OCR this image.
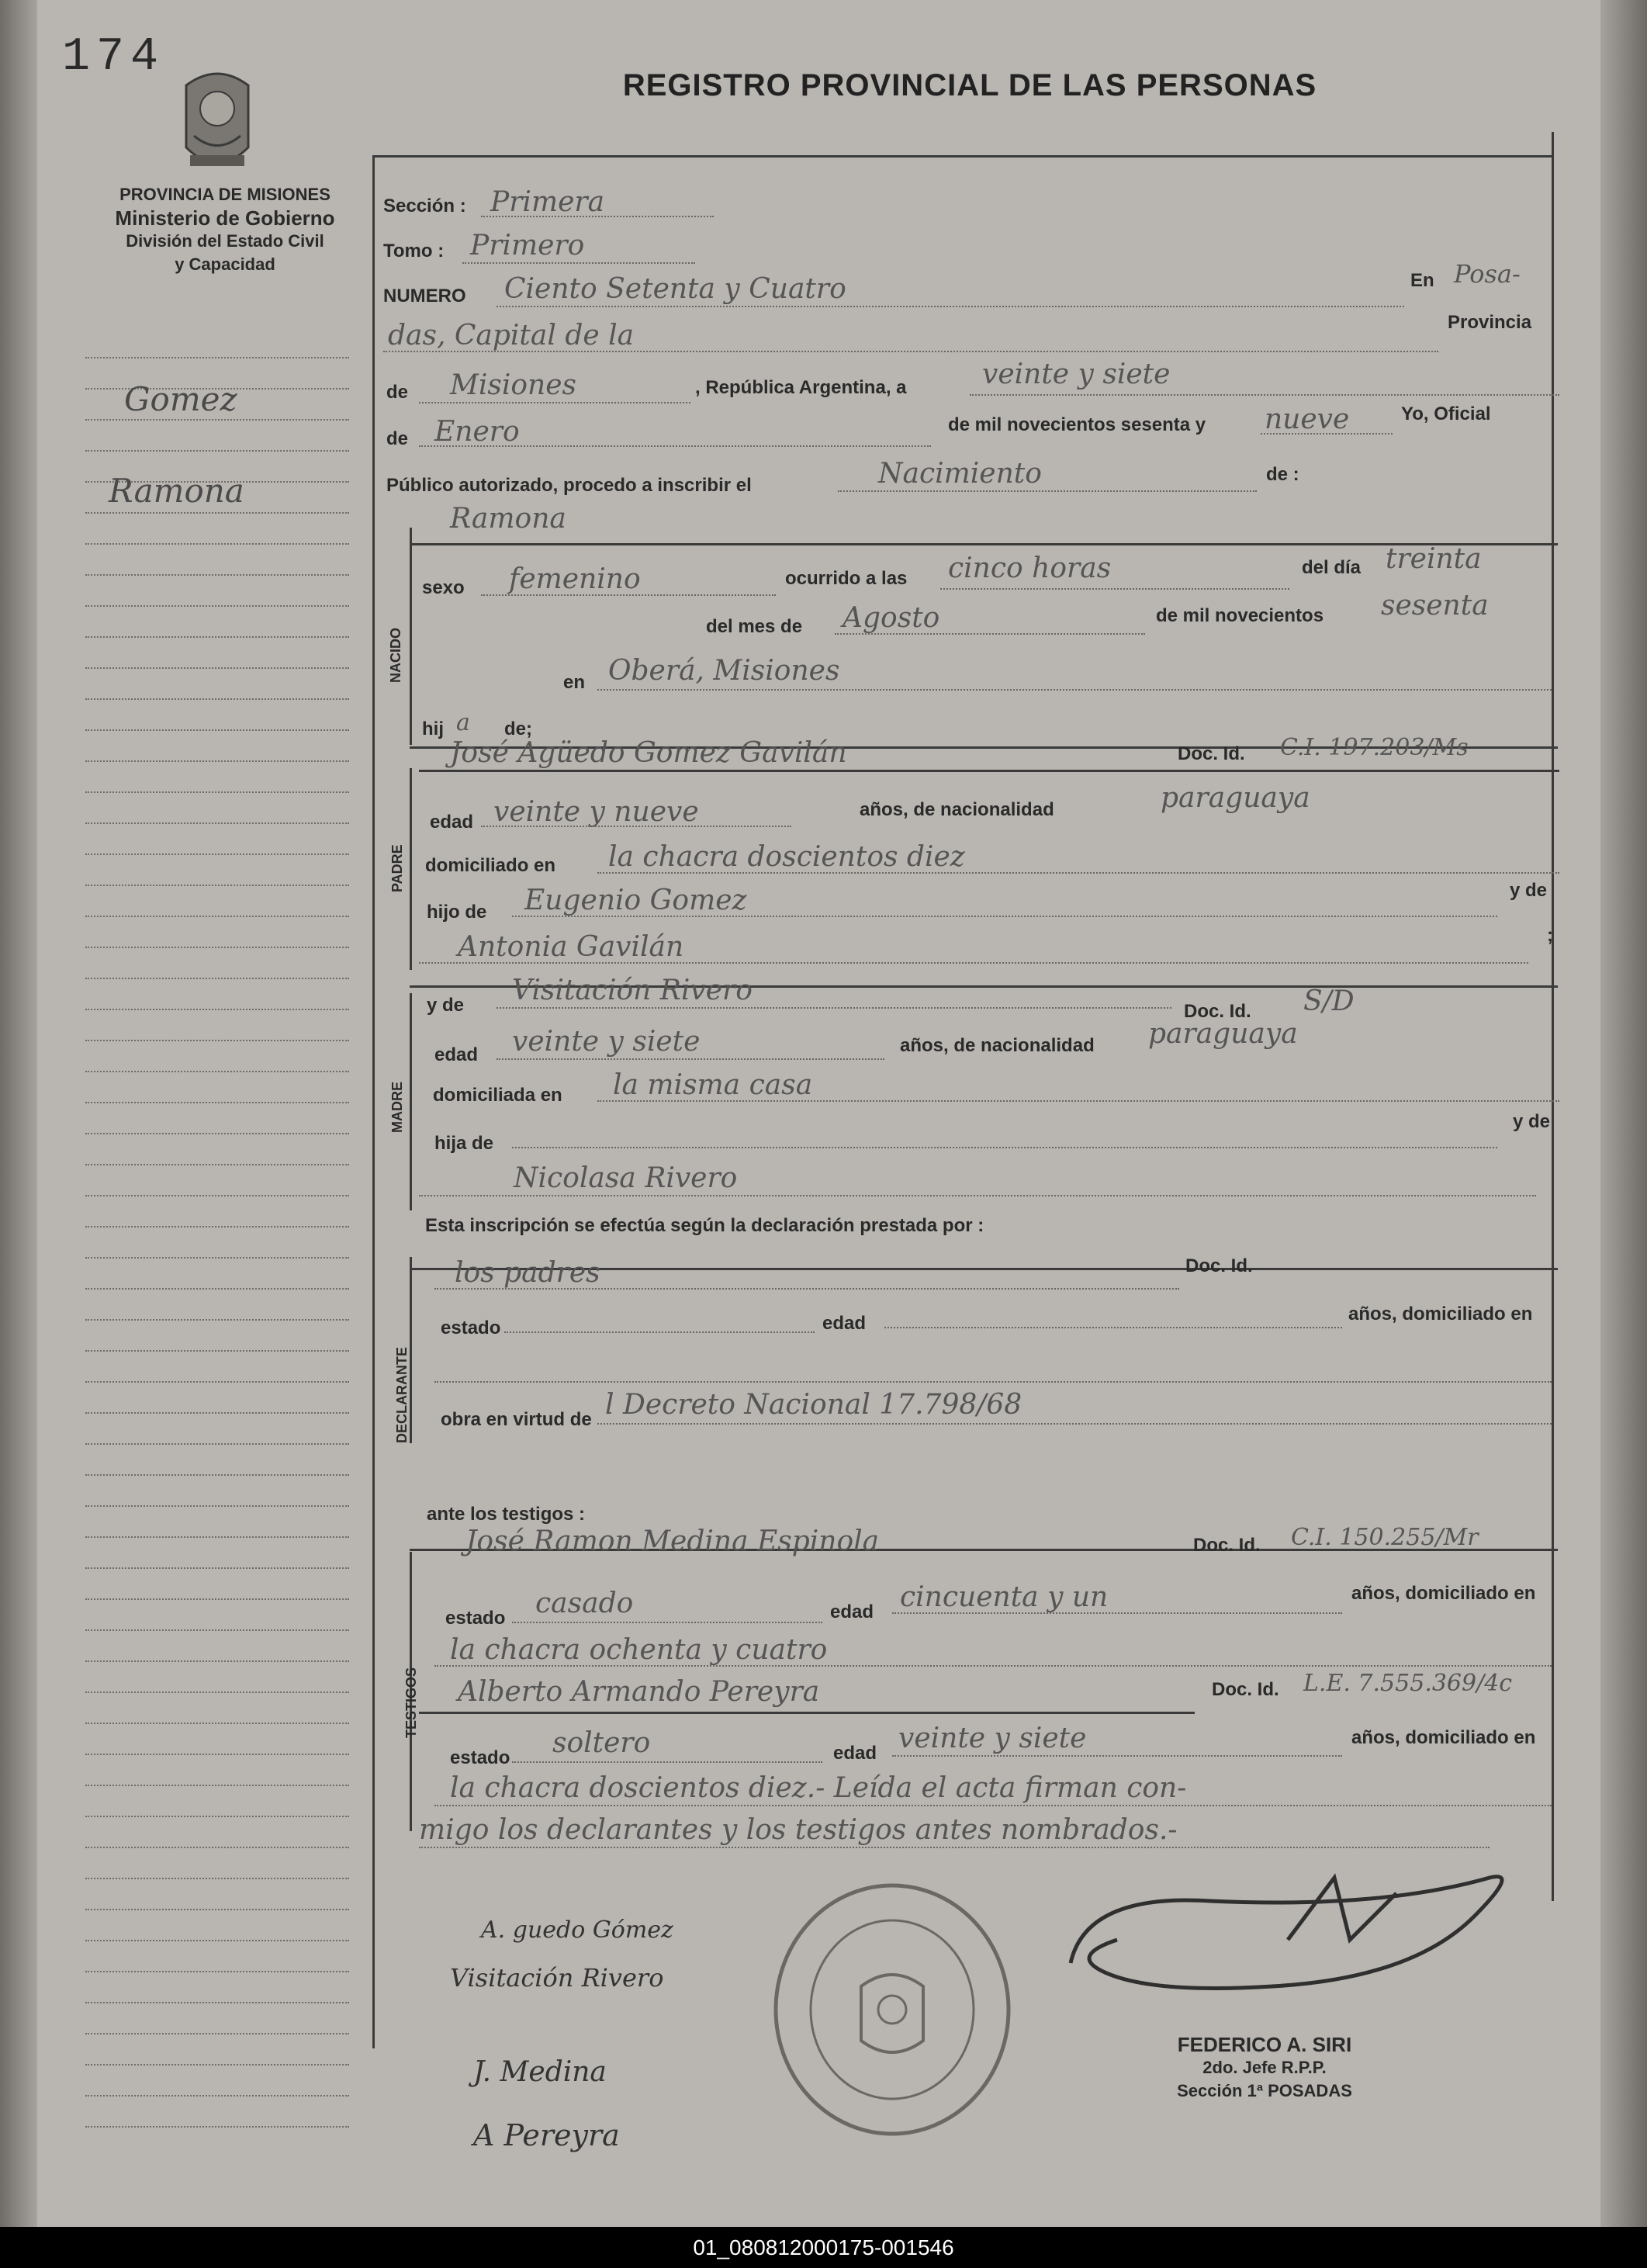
174
PROVINCIA DE MISIONES
Ministerio de Gobierno
División del Estado Civil
y Capacidad
REGISTRO PROVINCIAL DE LAS PERSONAS
Gomez
Ramona
Sección : Primera
Tomo : Primero
NUMERO Ciento Setenta y Cuatro	En Posa-
das, Capital de la	Provincia
de Misiones	, República Argentina, a	veinte y siete
de Enero	de mil novecientos sesenta y nueve	Yo, Oficial
Público autorizado, procedo a inscribir el	Nacimiento	de :
NACIDO
Ramona
sexo femenino	ocurrido a las cinco horas	del día treinta
del mes de Agosto	de mil novecientos sesenta
en Oberá, Misiones
hij a de;
PADRE
José Agüedo Gomez Gavilán	Doc. Id. C.I. 197.203/Ms
edad veinte y nueve	años, de nacionalidad	paraguaya
domiciliado en la chacra doscientos diez
hijo de Eugenio Gomez	y de
Antonia Gavilán	;
MADRE
y de Visitación Rivero
Doc. Id. S/D
edad veinte y siete	años, de nacionalidad paraguaya
domiciliada en la misma casa
hija de
y de
Nicolasa Rivero
Esta inscripción se efectúa según la declaración prestada por :
DECLARANTE
los padres	Doc. Id.
estado	edad	años, domiciliado en
obra en virtud de l Decreto Nacional 17.798/68
ante los testigos :
TESTIGOS
José Ramon Medina Espinola	Doc. Id. C.I. 150.255/Mr
estado casado	edad cincuenta y un	años, domiciliado en
la chacra ochenta y cuatro
Alberto Armando Pereyra	Doc. Id. L.E. 7.555.369/4c
estado soltero	edad veinte y siete	años, domiciliado en
la chacra doscientos diez.- Leída el acta firman con-
migo los declarantes y los testigos antes nombrados.-
A. guedo Gómez
Visitación Rivero
J. Medina
A Pereyra
FEDERICO A. SIRI
2do. Jefe R.P.P.
Sección 1ª POSADAS
01_080812000175-001546
